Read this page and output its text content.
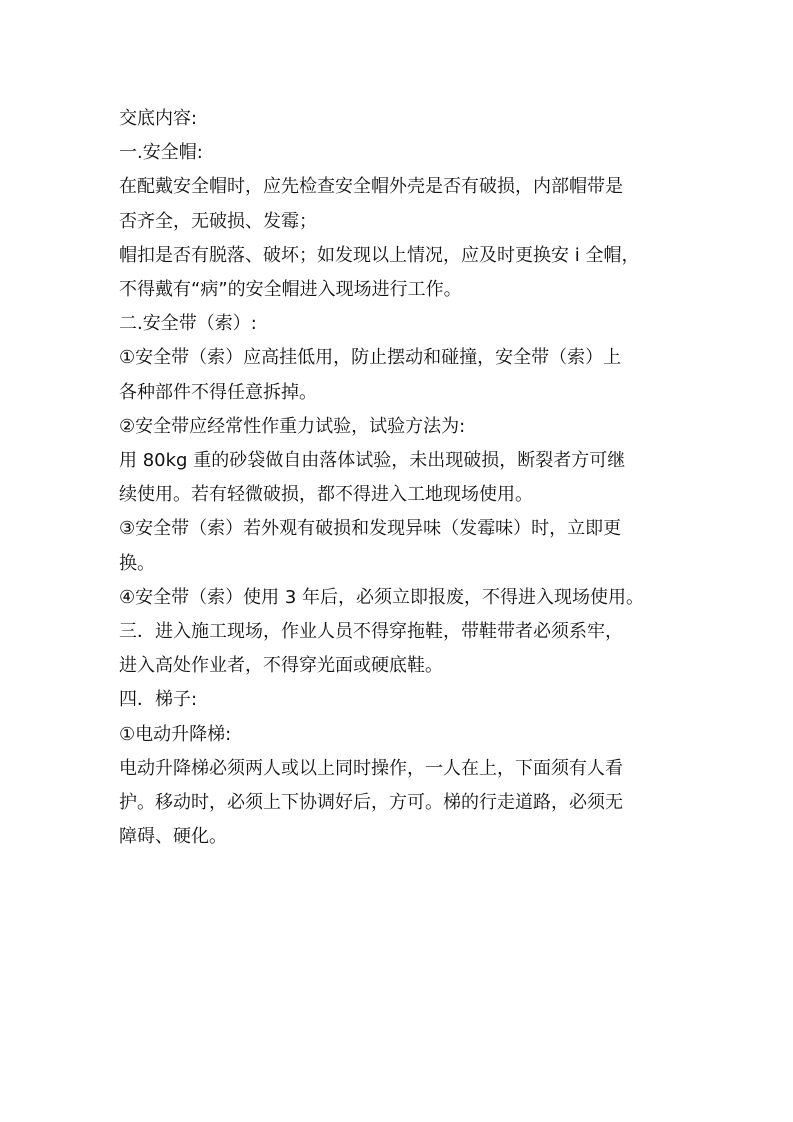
交底内容:

一.安全帽:

在配戴安全帽时，应先检查安全帽外壳是否有破损，内部帽带是

否齐全，无破损、发霉；

帽扣是否有脱落、破坏；如发现以上情况，应及时更换安 i 全帽，

不得戴有“病”的安全帽进入现场进行工作。

二.安全带（索）:

①安全带（索）应高挂低用，防止摆动和碰撞，安全带（索）上

各种部件不得任意拆掉。

②安全带应经常性作重力试验，试验方法为:

用 80kg 重的砂袋做自由落体试验，未出现破损，断裂者方可继

续使用。若有轻微破损，都不得进入工地现场使用。

③安全带（索）若外观有破损和发现异味（发霉味）时，立即更

换。

④安全带（索）使用 3 年后，必须立即报废，不得进入现场使用。

三．进入施工现场，作业人员不得穿拖鞋，带鞋带者必须系牢，

进入高处作业者，不得穿光面或硬底鞋。

四．梯子:

①电动升降梯:

电动升降梯必须两人或以上同时操作，一人在上，下面须有人看

护。移动时，必须上下协调好后，方可。梯的行走道路，必须无

障碍、硬化。
